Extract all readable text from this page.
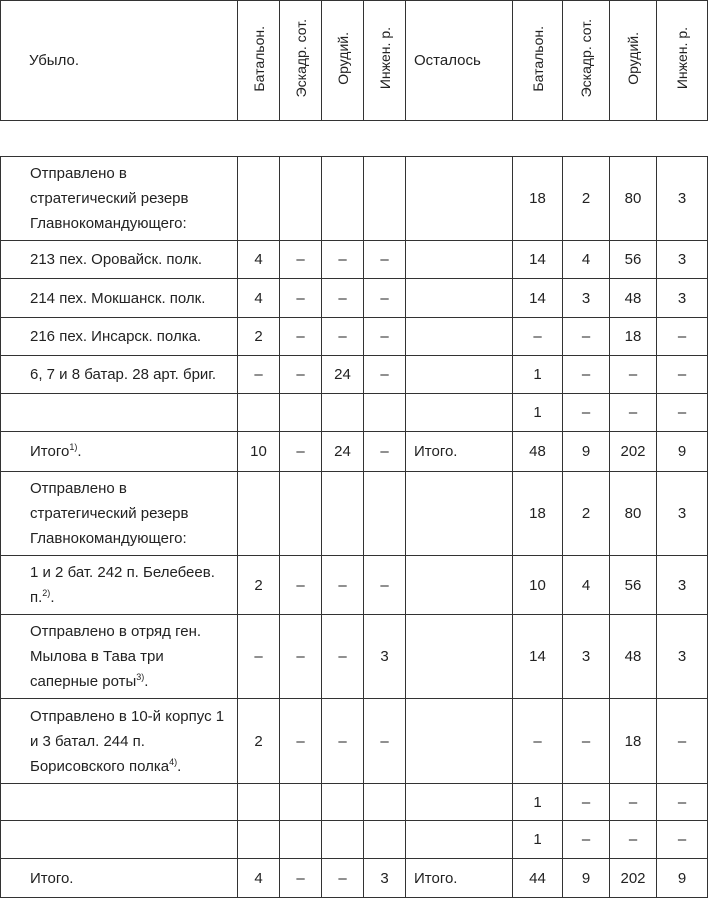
Убыло.	Батальон.	Эскадр. сот.	Орудий.	Инжен. р.	Осталось	Батальон.	Эскадр. сот.	Орудий.	Инжен. р.

Отправлено в стратегический резерв Главнокомандующего:						18	2	80	3
213 пех. Оровайск. полк.	4	–	–	–		14	4	56	3
214 пех. Мокшанск. полк.	4	–	–	–		14	3	48	3
216 пех. Инсарск. полка.	2	–	–	–		–	–	18	–
6, 7 и 8 батар. 28 арт. бриг.	–	–	24	–		1	–	–	–
						1	–	–	–
Итого$^{1)}$.	10	–	24	–	Итого.	48	9	202	9
Отправлено в стратегический резерв Главнокомандующего:						18	2	80	3
1 и 2 бат. 242 п. Белебеев. п.$^{2)}$.	2	–	–	–		10	4	56	3
Отправлено в отряд ген. Мылова в Тава три саперные роты$^{3)}$.	–	–	–	3		14	3	48	3
Отправлено в 10-й корпус 1 и 3 батал. 244 п. Борисовского полка$^{4)}$.	2	–	–	–		–	–	18	–
						1	–	–	–
						1	–	–	–
Итого.	4	–	–	3	Итого.	44	9	202	9
